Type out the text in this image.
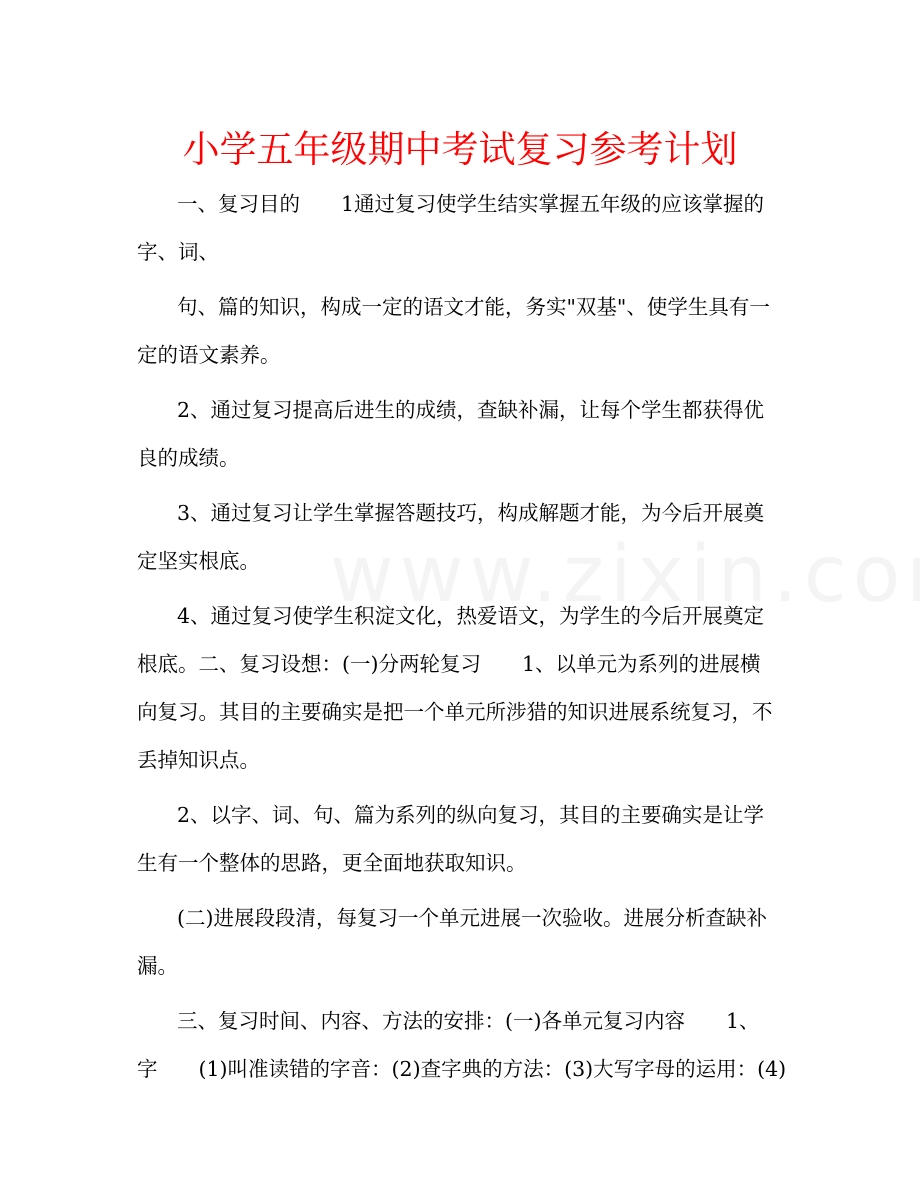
小学五年级期中考试复习参考计划
一、复习目的　　1通过复习使学生结实掌握五年级的应该掌握的
字、词、
句、篇的知识，构成一定的语文才能，务实"双基"、使学生具有一
定的语文素养。
2、通过复习提高后进生的成绩，查缺补漏，让每个学生都获得优
良的成绩。
3、通过复习让学生掌握答题技巧，构成解题才能，为今后开展奠
定坚实根底。
4、通过复习使学生积淀文化，热爱语文，为学生的今后开展奠定
根底。二、复习设想：(一)分两轮复习　　1、以单元为系列的进展横
向复习。其目的主要确实是把一个单元所涉猎的知识进展系统复习，不
丢掉知识点。
2、以字、词、句、篇为系列的纵向复习，其目的主要确实是让学
生有一个整体的思路，更全面地获取知识。
(二)进展段段清，每复习一个单元进展一次验收。进展分析查缺补
漏。
三、复习时间、内容、方法的安排：(一)各单元复习内容　　1、
字　　(1)叫准读错的字音：(2)查字典的方法：(3)大写字母的运用：(4)
